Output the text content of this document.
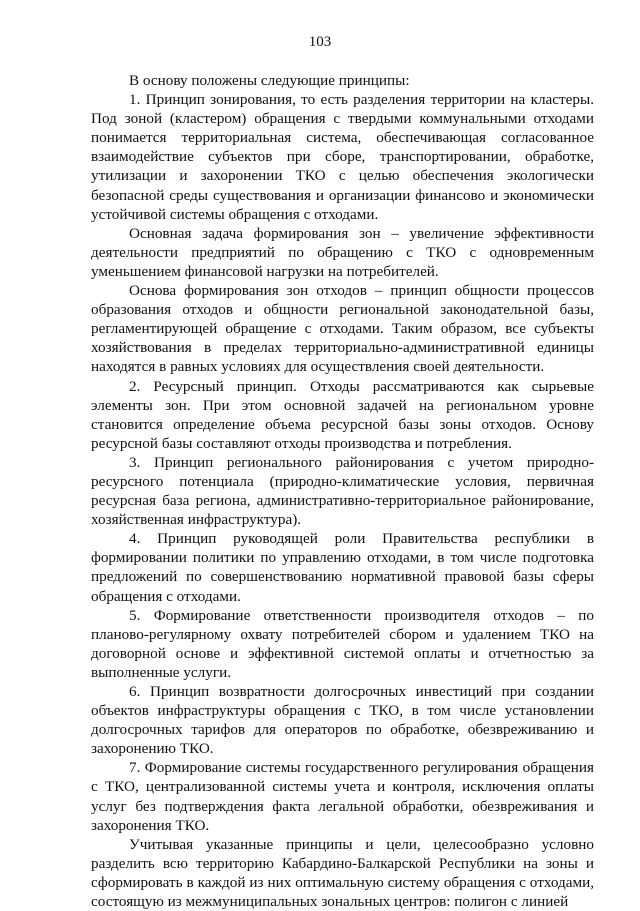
103

В основу положены следующие принципы:

1. Принцип зонирования, то есть разделения территории на кластеры. Под зоной (кластером) обращения с твердыми коммунальными отходами понимается территориальная система, обеспечивающая согласованное взаимодействие субъектов при сборе, транспортировании, обработке, утилизации и захоронении ТКО с целью обеспечения экологически безопасной среды существования и организации финансово и экономически устойчивой системы обращения с отходами.

Основная задача формирования зон – увеличение эффективности деятельности предприятий по обращению с ТКО с одновременным уменьшением финансовой нагрузки на потребителей.

Основа формирования зон отходов – принцип общности процессов образования отходов и общности региональной законодательной базы, регламентирующей обращение с отходами. Таким образом, все субъекты хозяйствования в пределах территориально-административной единицы находятся в равных условиях для осуществления своей деятельности.

2. Ресурсный принцип. Отходы рассматриваются как сырьевые элементы зон. При этом основной задачей на региональном уровне становится определение объема ресурсной базы зоны отходов. Основу ресурсной базы составляют отходы производства и потребления.

3. Принцип регионального районирования с учетом природно-ресурсного потенциала (природно-климатические условия, первичная ресурсная база региона, административно-территориальное районирование, хозяйственная инфраструктура).

4. Принцип руководящей роли Правительства республики в формировании политики по управлению отходами, в том числе подготовка предложений по совершенствованию нормативной правовой базы сферы обращения с отходами.

5. Формирование ответственности производителя отходов – по планово-регулярному охвату потребителей сбором и удалением ТКО на договорной основе и эффективной системой оплаты и отчетностью за выполненные услуги.

6. Принцип возвратности долгосрочных инвестиций при создании объектов инфраструктуры обращения с ТКО, в том числе установлении долгосрочных тарифов для операторов по обработке, обезвреживанию и захоронению ТКО.

7. Формирование системы государственного регулирования обращения с ТКО, централизованной системы учета и контроля, исключения оплаты услуг без подтверждения факта легальной обработки, обезвреживания и захоронения ТКО.

Учитывая указанные принципы и цели, целесообразно условно разделить всю территорию Кабардино-Балкарской Республики на зоны и сформировать в каждой из них оптимальную систему обращения с отходами, состоящую из межмуниципальных зональных центров: полигон с линией
